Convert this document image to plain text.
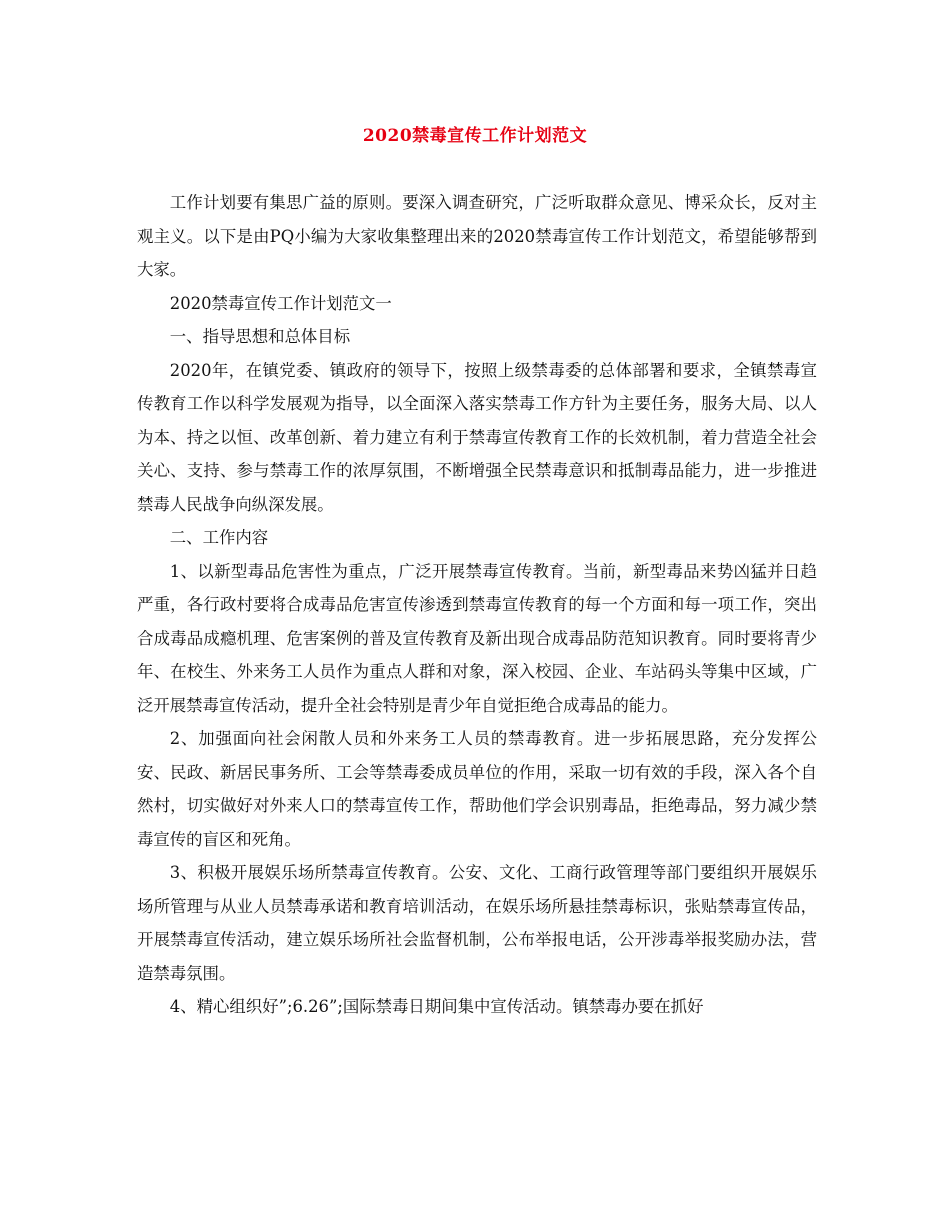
2020禁毒宣传工作计划范文

工作计划要有集思广益的原则。要深入调查研究，广泛听取群众意见、博采众长，反对主观主义。以下是由PQ小编为大家收集整理出来的2020禁毒宣传工作计划范文，希望能够帮到大家。

2020禁毒宣传工作计划范文一

一、指导思想和总体目标

2020年，在镇党委、镇政府的领导下，按照上级禁毒委的总体部署和要求，全镇禁毒宣传教育工作以科学发展观为指导，以全面深入落实禁毒工作方针为主要任务，服务大局、以人为本、持之以恒、改革创新、着力建立有利于禁毒宣传教育工作的长效机制，着力营造全社会关心、支持、参与禁毒工作的浓厚氛围，不断增强全民禁毒意识和抵制毒品能力，进一步推进禁毒人民战争向纵深发展。

二、工作内容

1、以新型毒品危害性为重点，广泛开展禁毒宣传教育。当前，新型毒品来势凶猛并日趋严重，各行政村要将合成毒品危害宣传渗透到禁毒宣传教育的每一个方面和每一项工作，突出合成毒品成瘾机理、危害案例的普及宣传教育及新出现合成毒品防范知识教育。同时要将青少年、在校生、外来务工人员作为重点人群和对象，深入校园、企业、车站码头等集中区域，广泛开展禁毒宣传活动，提升全社会特别是青少年自觉拒绝合成毒品的能力。

2、加强面向社会闲散人员和外来务工人员的禁毒教育。进一步拓展思路，充分发挥公安、民政、新居民事务所、工会等禁毒委成员单位的作用，采取一切有效的手段，深入各个自然村，切实做好对外来人口的禁毒宣传工作，帮助他们学会识别毒品，拒绝毒品，努力减少禁毒宣传的盲区和死角。

3、积极开展娱乐场所禁毒宣传教育。公安、文化、工商行政管理等部门要组织开展娱乐场所管理与从业人员禁毒承诺和教育培训活动，在娱乐场所悬挂禁毒标识，张贴禁毒宣传品，开展禁毒宣传活动，建立娱乐场所社会监督机制，公布举报电话，公开涉毒举报奖励办法，营造禁毒氛围。

4、精心组织好”;6.26”;国际禁毒日期间集中宣传活动。镇禁毒办要在抓好
